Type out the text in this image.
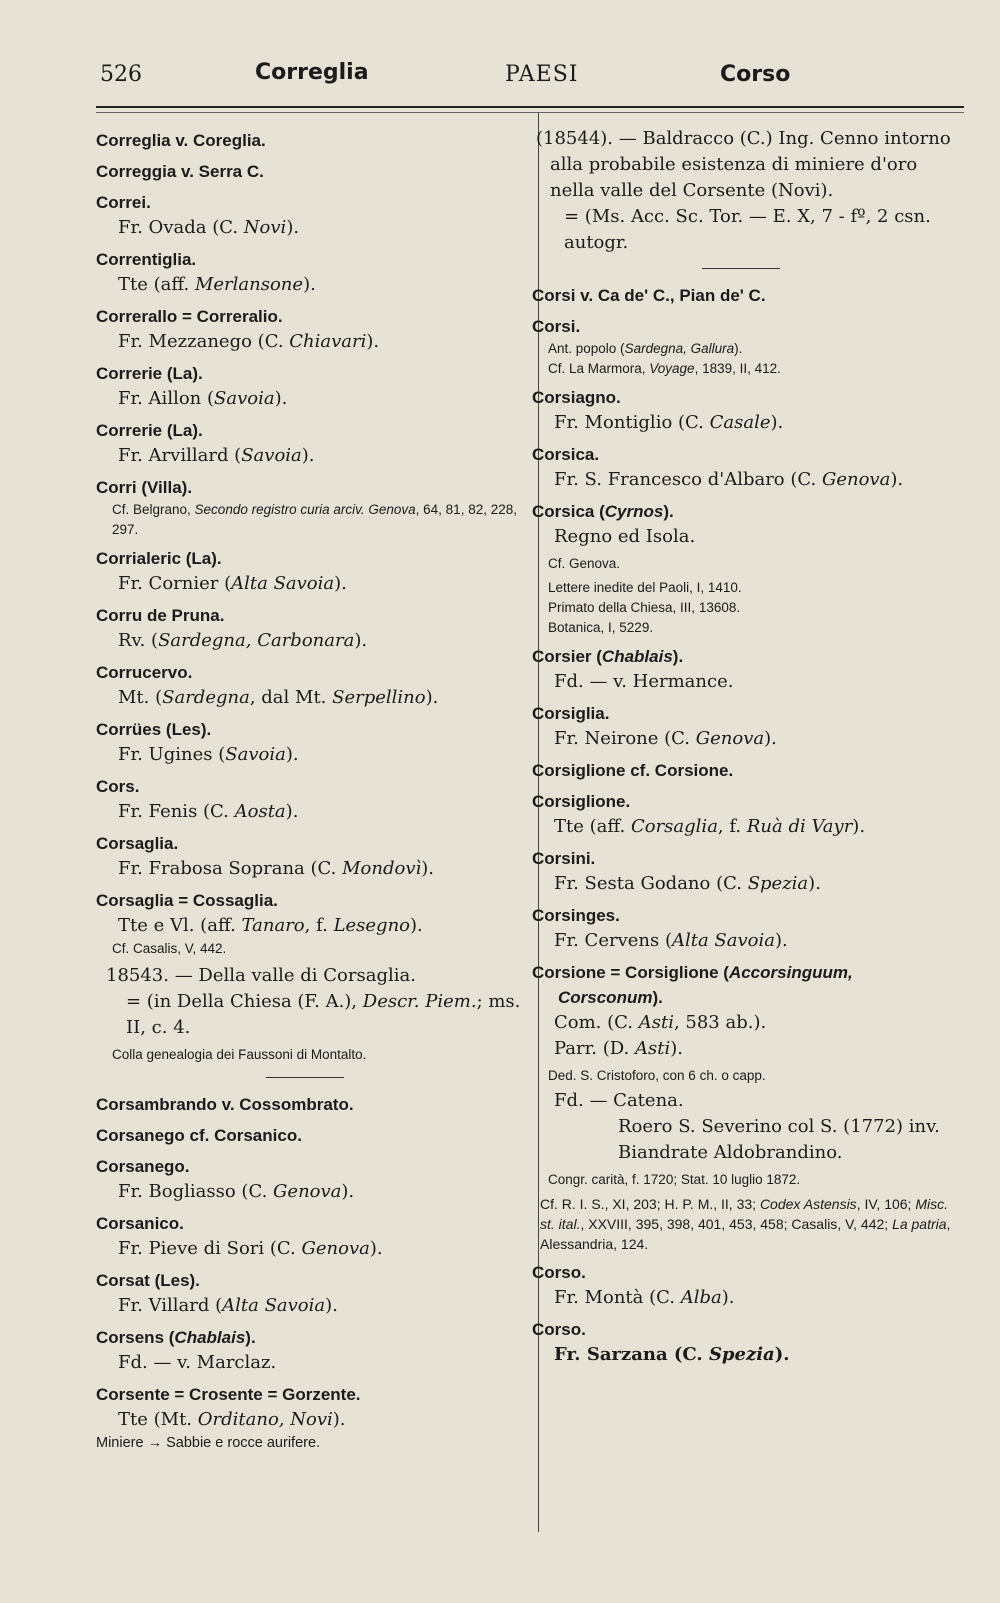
526	Correglia	PAESI	Corso
Correglia v. Coreglia.
Correggia v. Serra C.
Correi.
Fr. Ovada (C. Novi).
Correntiglia.
Tte (aff. Merlansone).
Correrallo = Correralio.
Fr. Mezzanego (C. Chiavari).
Correrie (La).
Fr. Aillon (Savoia).
Correrie (La).
Fr. Arvillard (Savoia).
Corri (Villa).
Cf. Belgrano, Secondo registro curia arciv. Genova, 64, 81, 82, 228, 297.
Corrialeric (La).
Fr. Cornier (Alta Savoia).
Corru de Pruna.
Rv. (Sardegna, Carbonara).
Corrucervo.
Mt. (Sardegna, dal Mt. Serpellino).
Corrües (Les).
Fr. Ugines (Savoia).
Cors.
Fr. Fenis (C. Aosta).
Corsaglia.
Fr. Frabosa Soprana (C. Mondovì).
Corsaglia = Cossaglia.
Tte e Vl. (aff. Tanaro, f. Lesegno).
Cf. Casalis, V, 442.
18543. — Della valle di Corsaglia.
= (in Della Chiesa (F. A.), Descr. Piem.; ms. II, c. 4.
Colla genealogia dei Faussoni di Montalto.
Corsambrando v. Cossombrato.
Corsanego cf. Corsanico.
Corsanego.
Fr. Bogliasso (C. Genova).
Corsanico.
Fr. Pieve di Sori (C. Genova).
Corsat (Les).
Fr. Villard (Alta Savoia).
Corsens (Chablais).
Fd. — v. Marclaz.
Corsente = Crosente = Gorzente.
Tte (Mt. Orditano, Novi).
Miniere → Sabbie e rocce aurifere.
(18544). — Baldracco (C.) Ing. Cenno intorno alla probabile esistenza di miniere d'oro nella valle del Corsente (Novi).
= (Ms. Acc. Sc. Tor. — E. X, 7 - fº, 2 csn. autogr.
Corsi v. Ca de' C., Pian de' C.
Corsi.
Ant. popolo (Sardegna, Gallura).
Cf. La Marmora, Voyage, 1839, II, 412.
Corsiagno.
Fr. Montiglio (C. Casale).
Corsica.
Fr. S. Francesco d'Albaro (C. Genova).
Corsica (Cyrnos).
Regno ed Isola.
Cf. Genova.
Lettere inedite del Paoli, I, 1410.
Primato della Chiesa, III, 13608.
Botanica, I, 5229.
Corsier (Chablais).
Fd. — v. Hermance.
Corsiglia.
Fr. Neirone (C. Genova).
Corsiglione cf. Corsione.
Corsiglione.
Tte (aff. Corsaglia, f. Ruà di Vayr).
Corsini.
Fr. Sesta Godano (C. Spezia).
Corsinges.
Fr. Cervens (Alta Savoia).
Corsione = Corsiglione (Accorsinguum, Corsconum).
Com. (C. Asti, 583 ab.).
Parr. (D. Asti).
Ded. S. Cristoforo, con 6 ch. o capp.
Fd. — Catena.
Roero S. Severino col S. (1772) inv.
Biandrate Aldobrandino.
Congr. carità, f. 1720; Stat. 10 luglio 1872.
Cf. R. I. S., XI, 203; H. P. M., II, 33; Codex Astensis, IV, 106; Misc. st. ital., XXVIII, 395, 398, 401, 453, 458; Casalis, V, 442; La patria, Alessandria, 124.
Corso.
Fr. Montà (C. Alba).
Corso.
Fr. Sarzana (C. Spezia).
